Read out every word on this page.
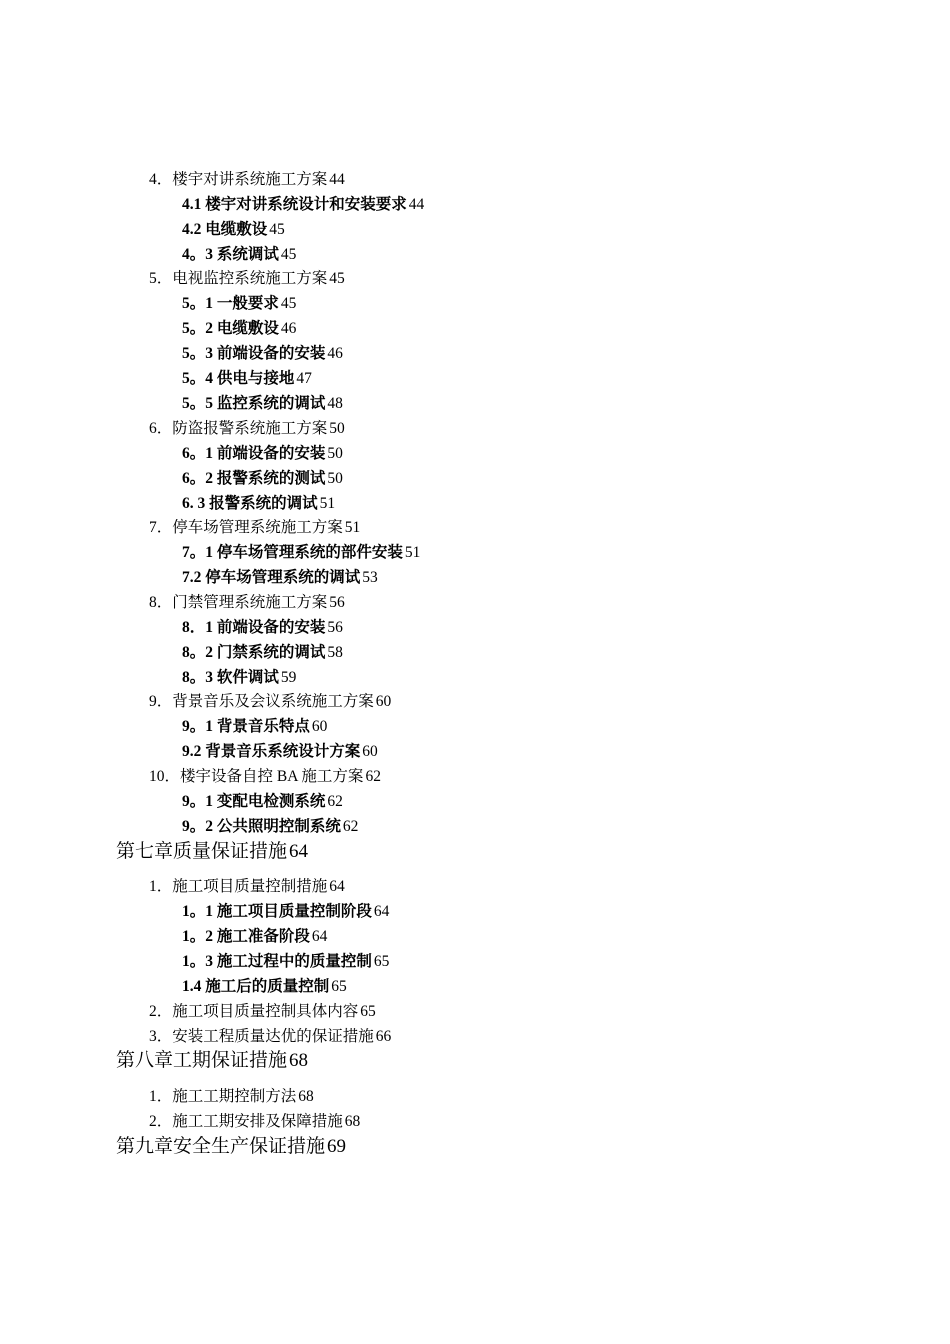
4．楼宇对讲系统施工方案 44
4.1 楼宇对讲系统设计和安装要求 44
4.2 电缆敷设 45
4。3 系统调试 45
5．电视监控系统施工方案 45
5。1 一般要求 45
5。2 电缆敷设 46
5。3 前端设备的安装 46
5。4 供电与接地 47
5。5 监控系统的调试 48
6．防盗报警系统施工方案 50
6。1 前端设备的安装 50
6。2 报警系统的测试 50
6. 3 报警系统的调试 51
7．停车场管理系统施工方案 51
7。1 停车场管理系统的部件安装 51
7.2 停车场管理系统的调试 53
8．门禁管理系统施工方案 56
8．1 前端设备的安装 56
8。2 门禁系统的调试 58
8。3 软件调试 59
9．背景音乐及会议系统施工方案 60
9。1 背景音乐特点 60
9.2 背景音乐系统设计方案 60
10．楼宇设备自控 BA 施工方案 62
9。1 变配电检测系统 62
9。2 公共照明控制系统 62
第七章质量保证措施 64
1．施工项目质量控制措施 64
1。1 施工项目质量控制阶段 64
1。2 施工准备阶段 64
1。3 施工过程中的质量控制 65
1.4 施工后的质量控制 65
2．施工项目质量控制具体内容 65
3．安装工程质量达优的保证措施 66
第八章工期保证措施 68
1．施工工期控制方法 68
2．施工工期安排及保障措施 68
第九章安全生产保证措施 69
